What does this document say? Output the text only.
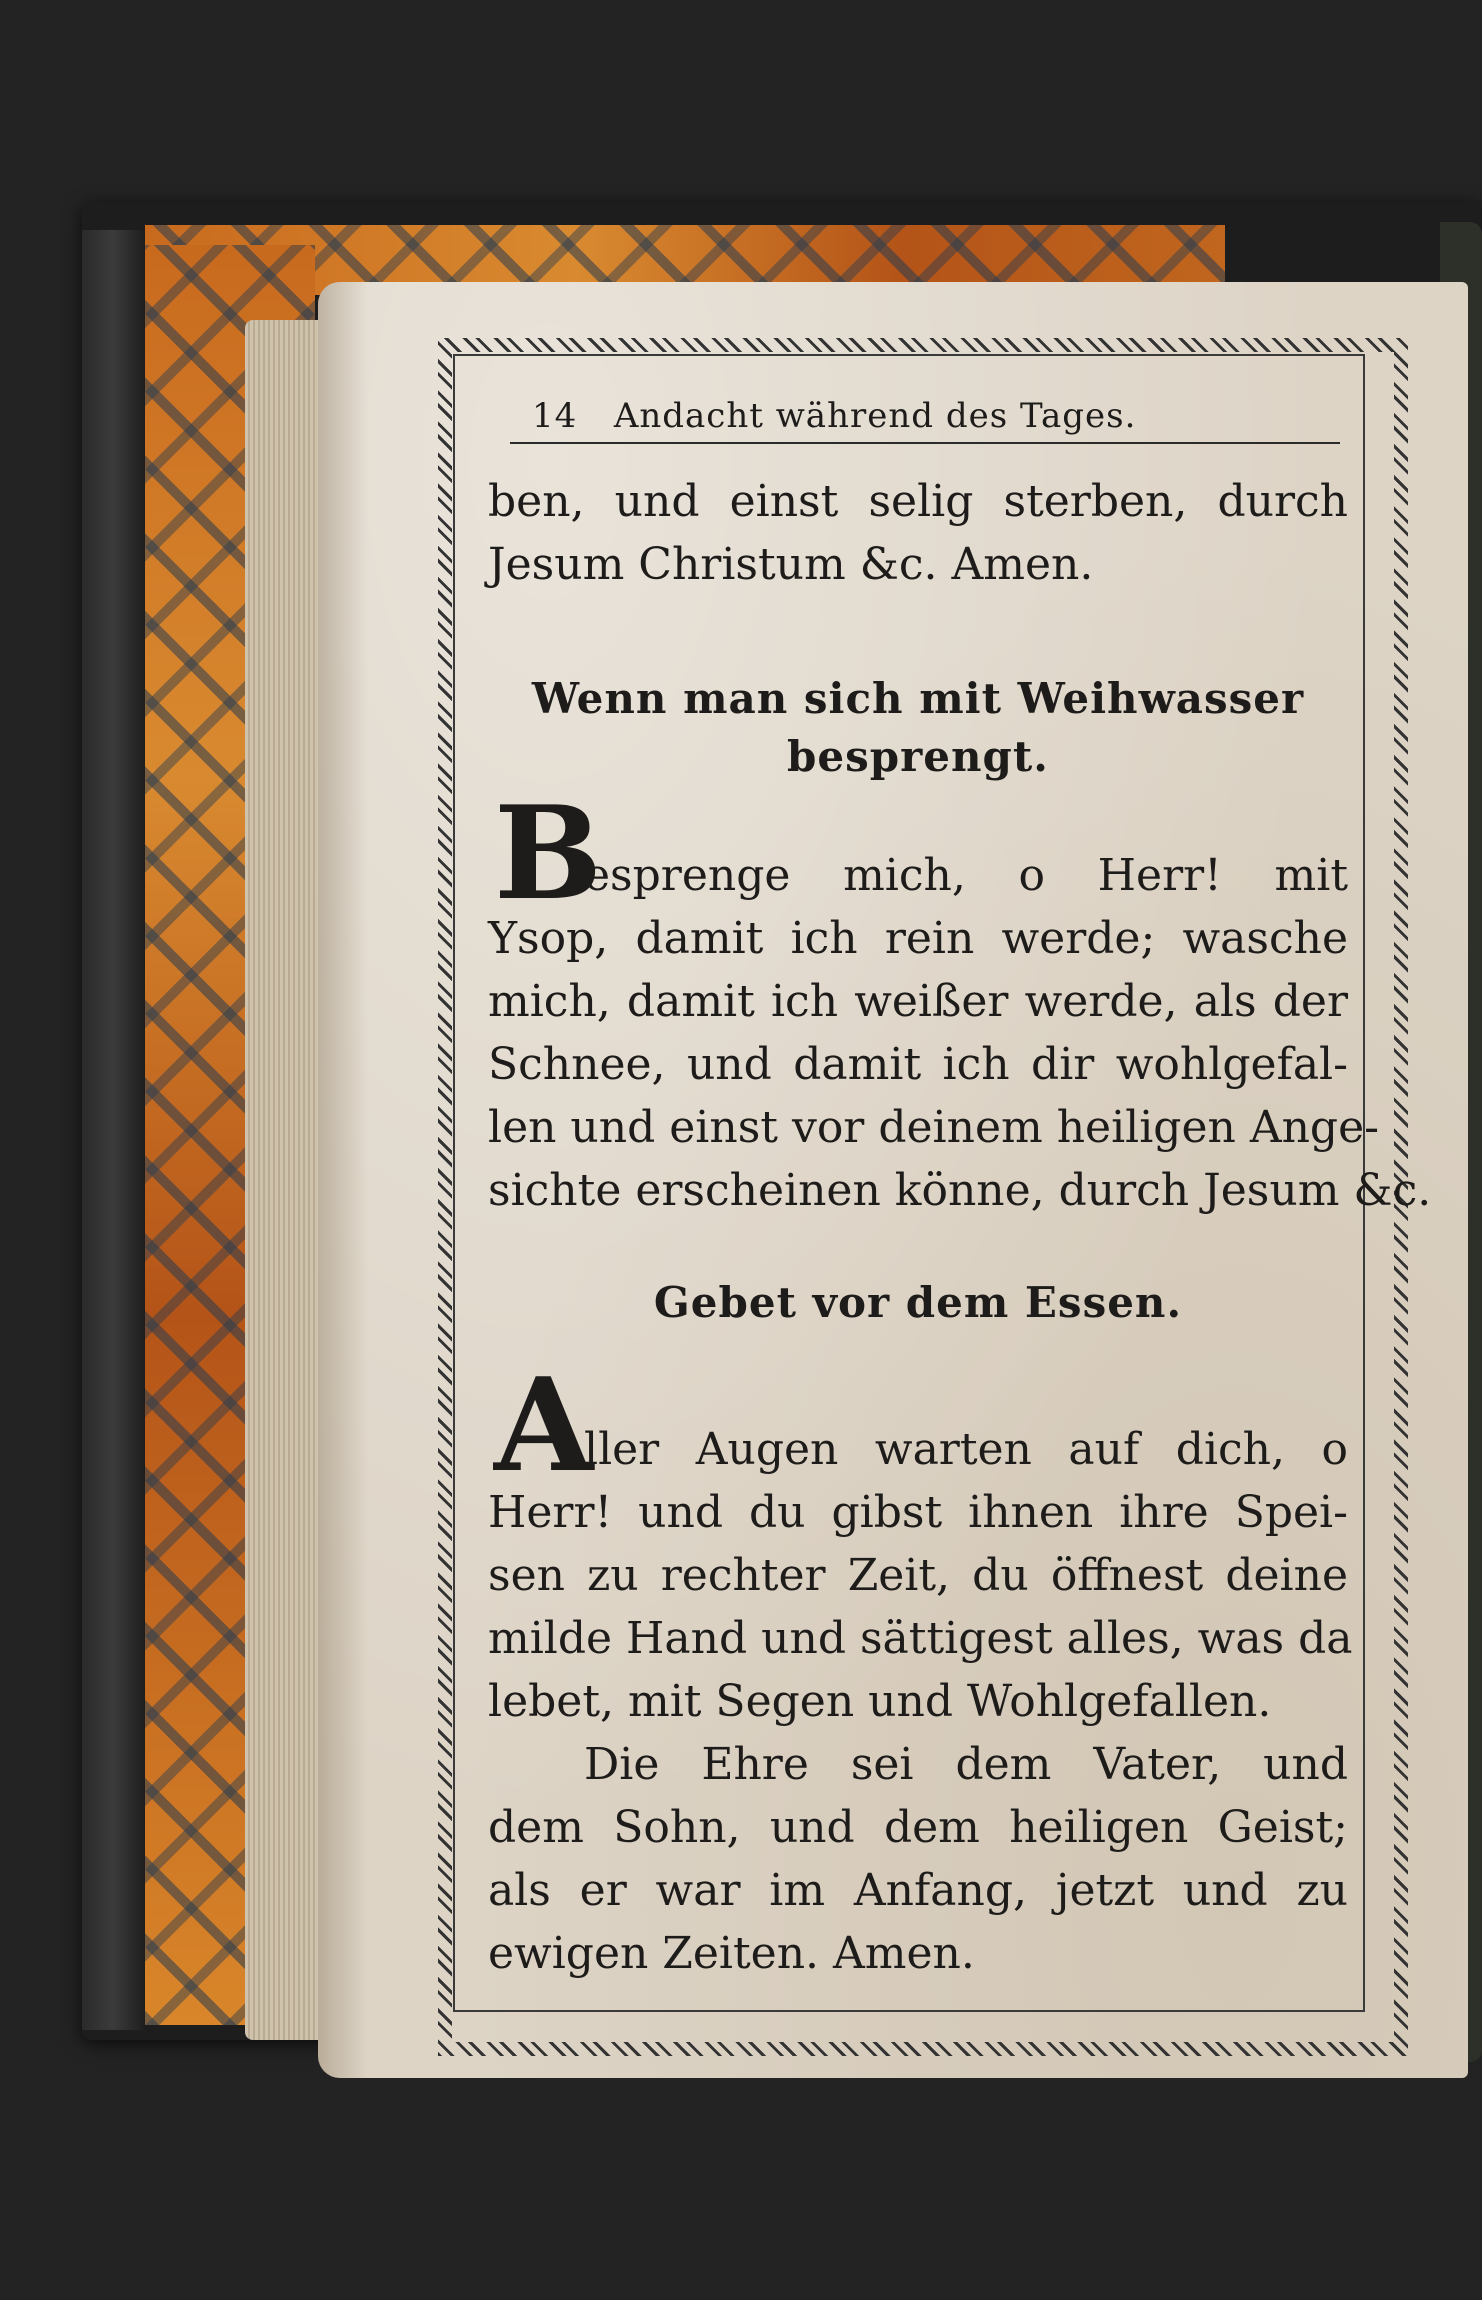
14 Andacht während des Tages.
ben, und einst selig sterben, durch
Jesum Christum &c. Amen.
Wenn man sich mit Weihwasser
besprengt.
B
esprenge mich, o Herr! mit
Ysop, damit ich rein werde; wasche
mich, damit ich weißer werde, als der
Schnee, und damit ich dir wohlgefal-
len und einst vor deinem heiligen Ange-
sichte erscheinen könne, durch Jesum &c.
Gebet vor dem Essen.
A
ller Augen warten auf dich, o
Herr! und du gibst ihnen ihre Spei-
sen zu rechter Zeit, du öffnest deine
milde Hand und sättigest alles, was da
lebet, mit Segen und Wohlgefallen.
Die Ehre sei dem Vater, und
dem Sohn, und dem heiligen Geist;
als er war im Anfang, jetzt und zu
ewigen Zeiten. Amen.
